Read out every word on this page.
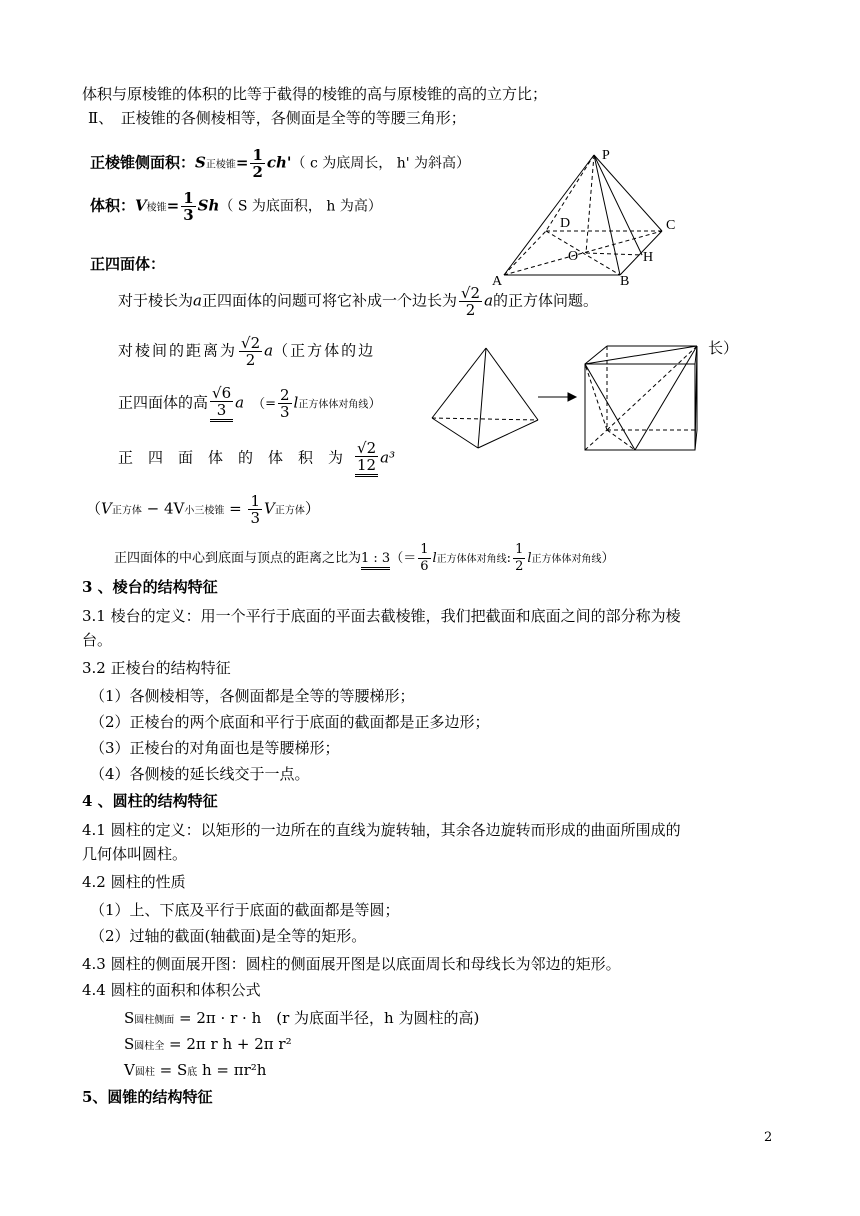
体积与原棱锥的体积的比等于截得的棱锥的高与原棱锥的高的立方比；
Ⅱ、　正棱锥的各侧棱相等，各侧面是全等的等腰三角形；
正棱锥侧面积：S正棱锥= $\frac{1}{2} ch'$（ c 为底周长， h' 为斜高）
体积：V棱锥= $\frac{1}{3} Sh$（ S 为底面积， h 为高）
P
C
D
O	H
A	B
正四面体：
对于棱长为a正四面体的问题可将它补成一个边长为 $\frac{√2}{2}$ a的正方体问题。
对棱间的距离为 $\frac{√2}{2} a$（正方体的边	长）
正四面体的高 $\frac{√6}{3}$ a （= $\frac{2}{3}$ l正方体体对角线）
正　四　面　体　的　体　积　为 $\frac{√2}{12} a^3$
（V正方体 − 4V小三棱锥 = $\frac{1}{3}$ V正方体）
正四面体的中心到底面与顶点的距离之比为1 : $3(= \frac{1}{6}$ l正方体体对角线: $\frac{1}{2}$ l正方体体对角线）
3 、棱台的结构特征
3.1 棱台的定义：用一个平行于底面的平面去截棱锥，我们把截面和底面之间的部分称为棱
台。
3.2 正棱台的结构特征
（1）各侧棱相等，各侧面都是全等的等腰梯形；
（2）正棱台的两个底面和平行于底面的截面都是正多边形；
（3）正棱台的对角面也是等腰梯形；
（4）各侧棱的延长线交于一点。
4 、圆柱的结构特征
4.1 圆柱的定义：以矩形的一边所在的直线为旋转轴，其余各边旋转而形成的曲面所围成的
几何体叫圆柱。
4.2 圆柱的性质
（1）上、下底及平行于底面的截面都是等圆；
（2）过轴的截面(轴截面)是全等的矩形。
4.3 圆柱的侧面展开图：圆柱的侧面展开图是以底面周长和母线长为邻边的矩形。
4.4 圆柱的面积和体积公式
S圆柱侧面 = 2π · r · h　(r 为底面半径，h 为圆柱的高)
S圆柱全 = 2π r h + 2π r²
V圆柱 = S底 h = πr²h
5、圆锥的结构特征
2
